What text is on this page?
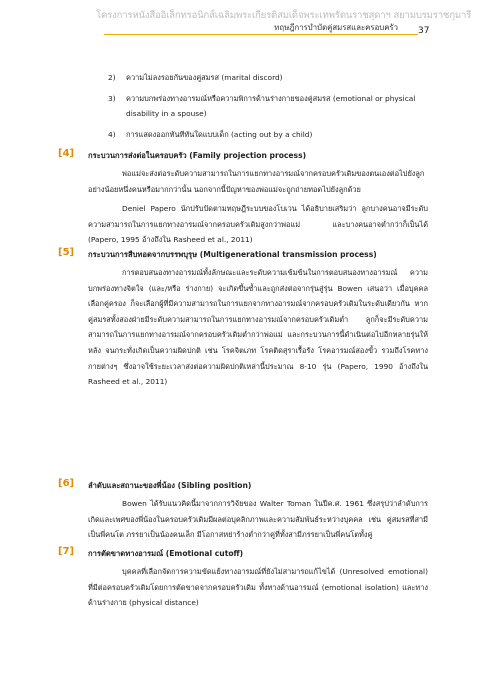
โครงการหนังสืออิเล็กทรอนิกส์เฉลิมพระเกียรติสมเด็จพระเทพรัตนราชสุดาฯ สยามบรมราชกุมารี
ทฤษฎีการบำบัดคู่สมรสและครอบครัว 37
2) ความไม่ลงรอยกันของคู่สมรส (marital discord)
3) ความบกพร่องทางอารมณ์หรือความพิการด้านร่างกายของคู่สมรส (emotional or physical disability in a spouse)
4) การแสดงออกทันทีทันใดแบบเด็ก (acting out by a child)
[4] กระบวนการส่งต่อในครอบครัว (Family projection process)

พ่อแม่จะส่งต่อระดับความสามารถในการแยกทางอารมณ์จากครอบครัวเดิมของตนเองต่อไปยังลูกอย่างน้อยหนึ่งคนหรือมากกว่านั้น นอกจากนี้ปัญหาของพ่อแม่จะถูกถ่ายทอดไปยังลูกด้วย

Deniel Papero นักปรับปัดตามทฤษฎีระบบของโบเวน ได้อธิบายเสริมว่า ลูกบางคนอาจมีระดับความสามารถในการแยกทางอารมณ์จากครอบครัวเดิมสูงกว่าพ่อแม่ และบางคนอาจต่ำกว่าก็เป็นได้ (Papero, 1995 อ้างถึงใน Rasheed et al., 2011)

[5] กระบวนการสืบทอดจากบรรพบุรุษ (Multigenerational transmission process)

การตอบสนองทางอารมณ์ทั้งลักษณะและระดับความเข้มข้นในการตอบสนองทางอารมณ์ ความบกพร่องทางจิตใจ (และ/หรือ ร่างกาย) จะเกิดขึ้นซ้ำและถูกส่งต่อจากรุ่นสู่รุ่น Bowen เสนอว่า เมื่อบุคคลเลือกคู่ครอง ก็จะเลือกผู้ที่มีความสามารถในการแยกจากทางอารมณ์จากครอบครัวเดิมในระดับเดียวกัน หากคู่สมรสทั้งสองฝ่ายมีระดับความสามารถในการแยกทางอารมณ์จากครอบครัวเดิมต่ำ ลูกก็จะมีระดับความสามารถในการแยกทางอารมณ์จากครอบครัวเดิมต่ำกว่าพ่อแม่ และกระบวนการนี้ดำเนินต่อไปอีกหลายรุ่นให้หลัง จนกระทั่งเกิดเป็นความผิดปกติ เช่น โรคจิตเภท โรคติดสุราเรื้อรัง โรคอารมณ์สองขั้ว รวมถึงโรคทางกายต่างๆ ซึ่งอาจใช้ระยะเวลาส่งต่อความผิดปกติเหล่านี้ประมาณ 8-10 รุ่น (Papero, 1990 อ้างถึงใน Rasheed et al., 2011)

[6] ลำดับและสถานะของพี่น้อง (Sibling position)

Bowen ได้รับแนวคิดนี้มาจากการวิจัยของ Walter Toman ในปีค.ศ. 1961 ซึ่งสรุปว่าลำดับการเกิดและเพศของพี่น้องในครอบครัวเดิมมีผลต่อบุคลิกภาพและความสัมพันธ์ระหว่างบุคคล เช่น คู่สมรสที่สามีเป็นพี่คนโต ภรรยาเป็นน้องคนเล็ก มีโอกาสหย่าร้างต่ำกว่าคู่ที่ทั้งสามีภรรยาเป็นพี่คนโตทั้งคู่

[7] การตัดขาดทางอารมณ์ (Emotional cutoff)

บุคคลที่เลือกจัดการความขัดแย้งทางอารมณ์ที่ยังไม่สามารถแก้ไขได้ (Unresolved emotional) ที่มีต่อครอบครัวเดิมโดยการตัดขาดจากครอบครัวเดิม ทั้งทางด้านอารมณ์ (emotional isolation) และทางด้านร่างกาย (physical distance)
